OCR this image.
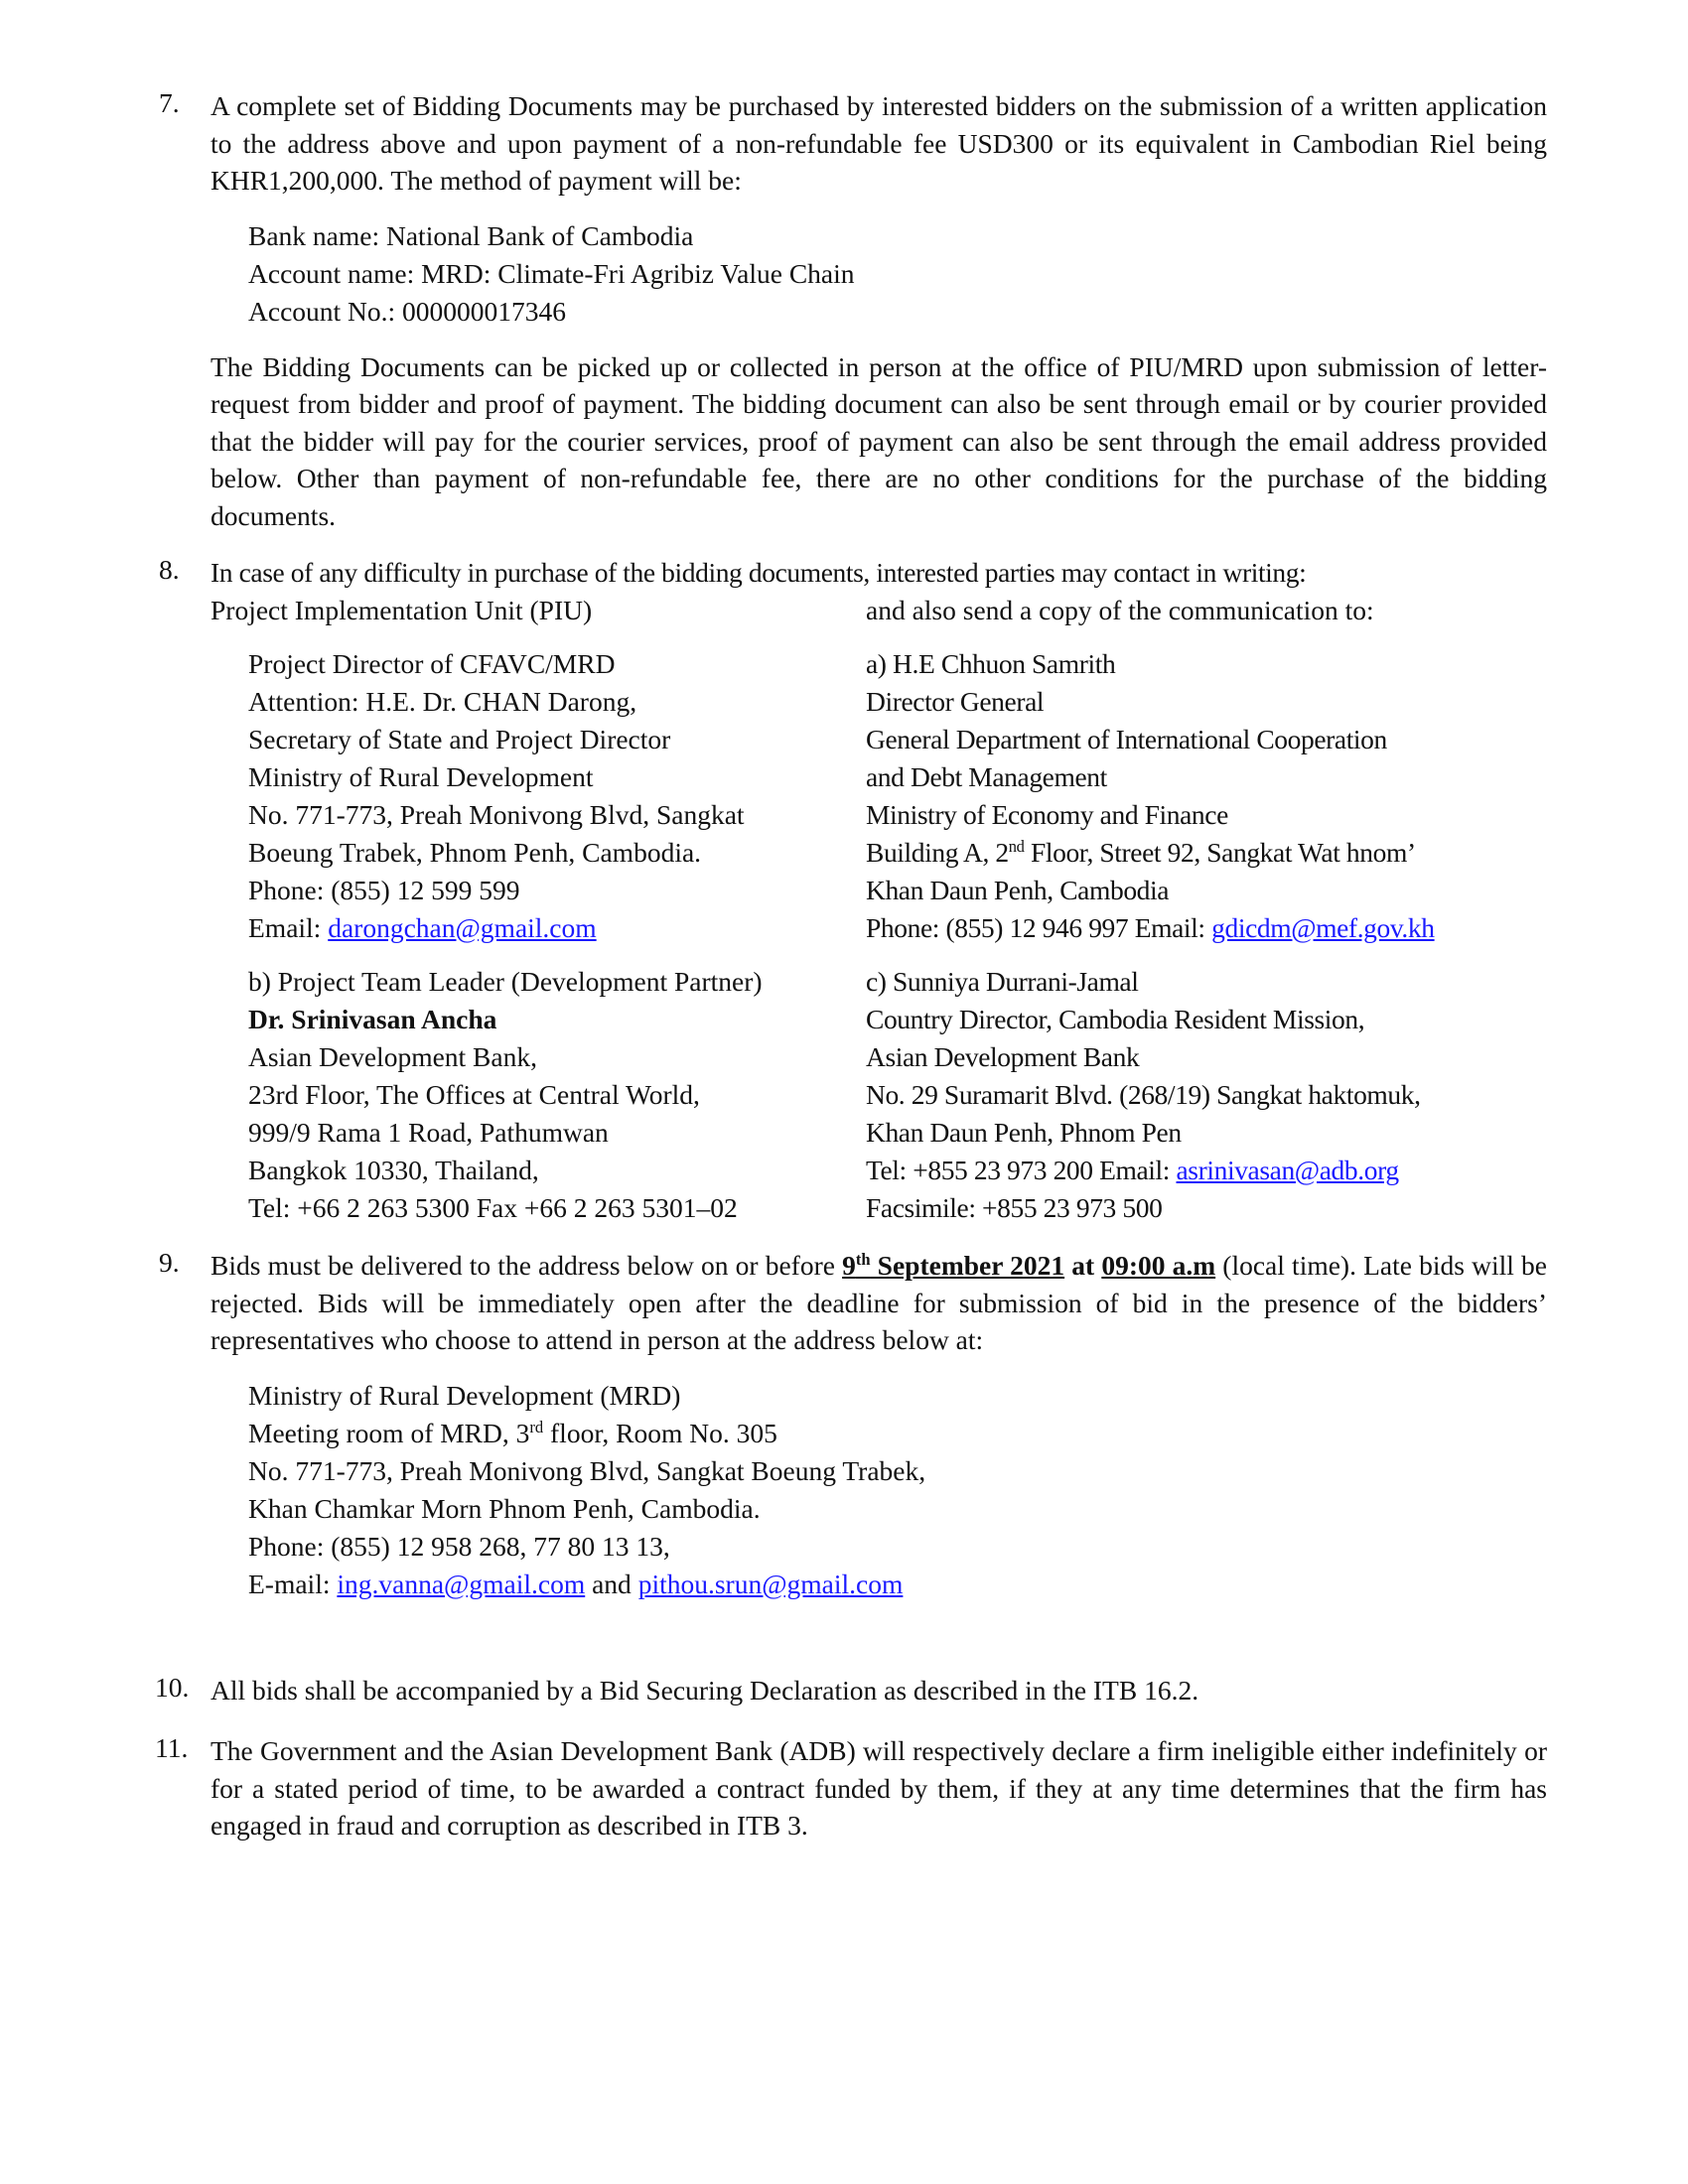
7.	A complete set of Bidding Documents may be purchased by interested bidders on the submission of a written application to the address above and upon payment of a non-refundable fee USD300 or its equivalent in Cambodian Riel being KHR1,200,000. The method of payment will be:

Bank name: National Bank of Cambodia
Account name: MRD: Climate-Fri Agribiz Value Chain
Account No.: 000000017346

The Bidding Documents can be picked up or collected in person at the office of PIU/MRD upon submission of letter-request from bidder and proof of payment. The bidding document can also be sent through email or by courier provided that the bidder will pay for the courier services, proof of payment can also be sent through the email address provided below. Other than payment of non-refundable fee, there are no other conditions for the purchase of the bidding documents.

8.	In case of any difficulty in purchase of the bidding documents, interested parties may contact in writing:
Project Implementation Unit (PIU)	and also send a copy of the communication to:
Project Director of CFAVC/MRD
Attention: H.E. Dr. CHAN Darong,
Secretary of State and Project Director
Ministry of Rural Development
No. 771-773, Preah Monivong Blvd, Sangkat
Boeung Trabek, Phnom Penh, Cambodia.
Phone: (855) 12 599 599
Email: darongchan@gmail.com
a) H.E Chhuon Samrith
Director General
General Department of International Cooperation
and Debt Management
Ministry of Economy and Finance
Building A, 2nd Floor, Street 92, Sangkat Wat hnom’
Khan Daun Penh, Cambodia
Phone: (855) 12 946 997 Email: gdicdm@mef.gov.kh
b) Project Team Leader (Development Partner)
Dr. Srinivasan Ancha
Asian Development Bank,
23rd Floor, The Offices at Central World,
999/9 Rama 1 Road, Pathumwan
Bangkok 10330, Thailand,
Tel: +66 2 263 5300 Fax +66 2 263 5301–02
c) Sunniya Durrani-Jamal
Country Director, Cambodia Resident Mission,
Asian Development Bank
No. 29 Suramarit Blvd. (268/19) Sangkat haktomuk,
Khan Daun Penh, Phnom Pen
Tel: +855 23 973 200 Email: asrinivasan@adb.org
Facsimile: +855 23 973 500
9.	Bids must be delivered to the address below on or before 9th September 2021 at 09:00 a.m (local time). Late bids will be rejected. Bids will be immediately open after the deadline for submission of bid in the presence of the bidders’ representatives who choose to attend in person at the address below at:

Ministry of Rural Development (MRD)
Meeting room of MRD, 3rd floor, Room No. 305
No. 771-773, Preah Monivong Blvd, Sangkat Boeung Trabek,
Khan Chamkar Morn Phnom Penh, Cambodia.
Phone: (855) 12 958 268, 77 80 13 13,
E-mail: ing.vanna@gmail.com and pithou.srun@gmail.com
10. All bids shall be accompanied by a Bid Securing Declaration as described in the ITB 16.2.

11. The Government and the Asian Development Bank (ADB) will respectively declare a firm ineligible either indefinitely or for a stated period of time, to be awarded a contract funded by them, if they at any time determines that the firm has engaged in fraud and corruption as described in ITB 3.
